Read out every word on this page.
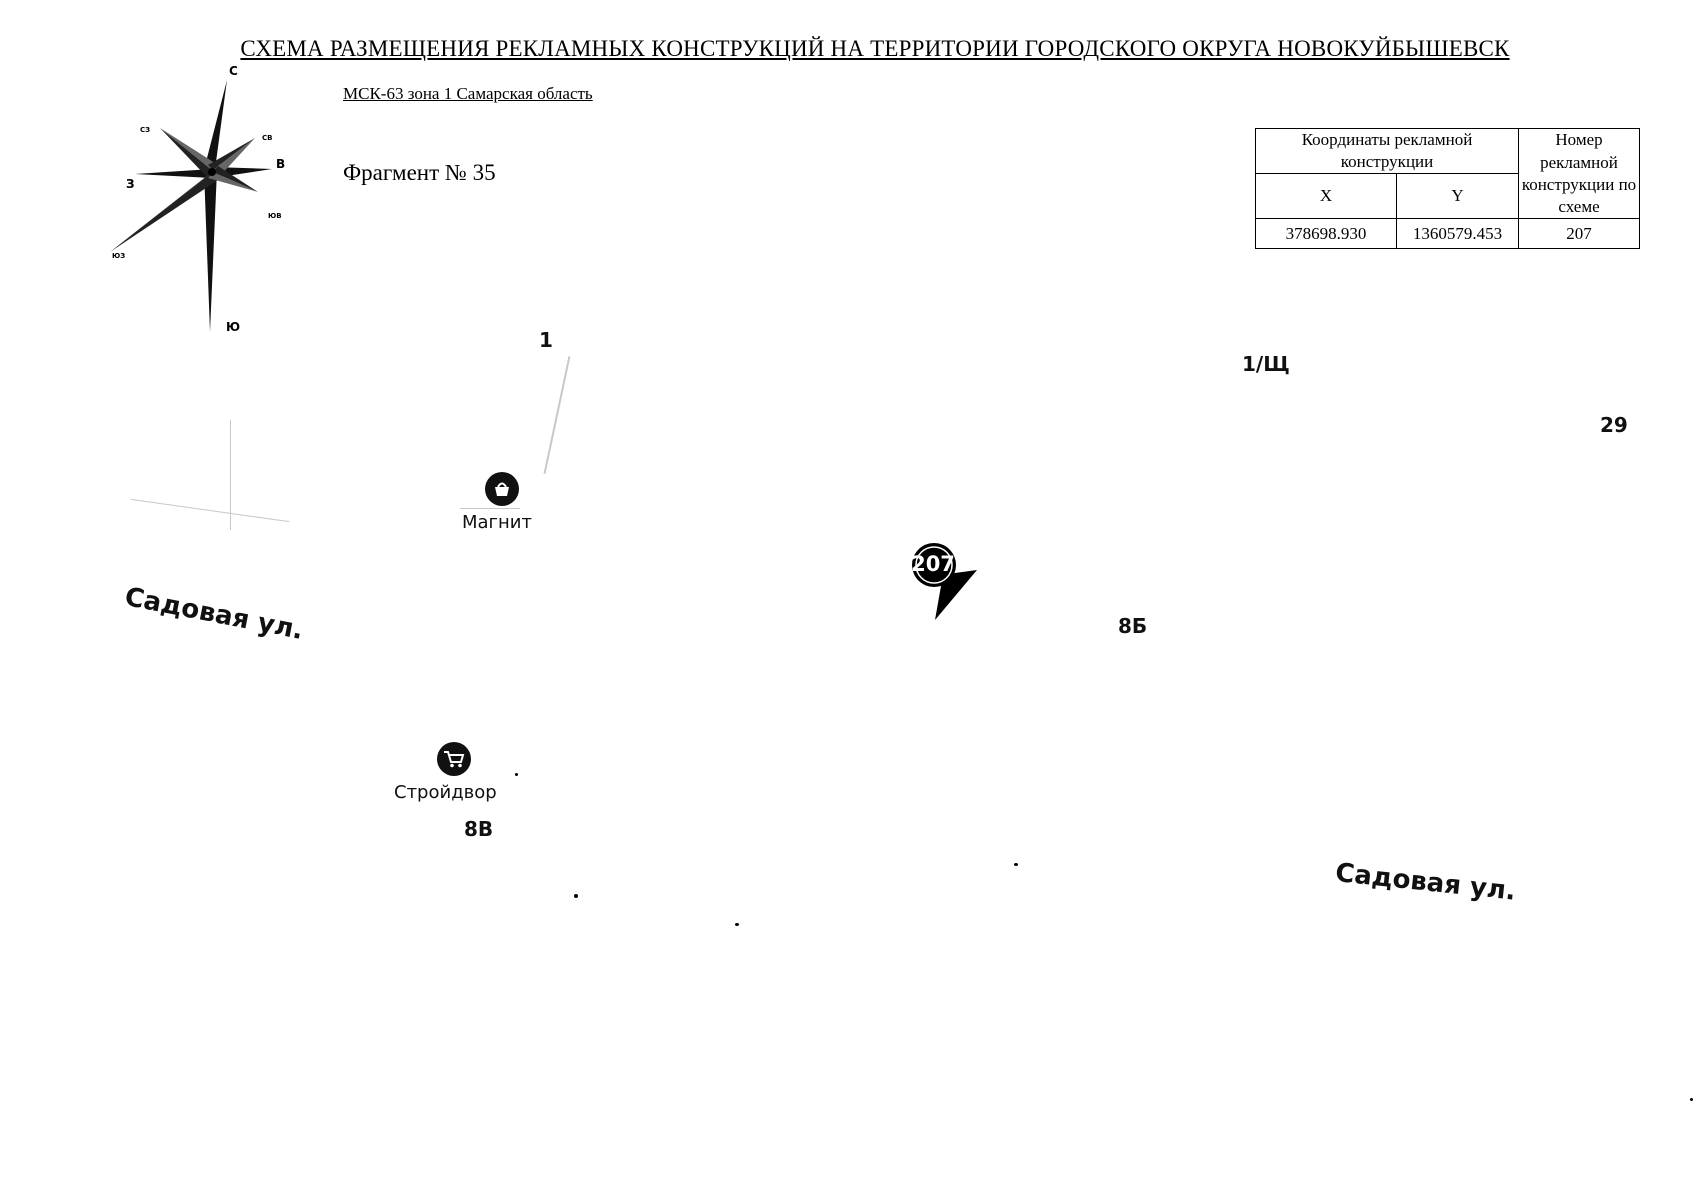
СХЕМА РАЗМЕЩЕНИЯ РЕКЛАМНЫХ КОНСТРУКЦИЙ НА ТЕРРИТОРИИ ГОРОДСКОГО ОКРУГА НОВОКУЙБЫШЕВСК
МСК-63 зона 1 Самарская область
Фрагмент № 35
С
Ю
В
З
СВ
СЗ
ЮВ
ЮЗ
Координаты рекламной конструкции		Номер рекламной конструкции по схеме
X	Y	
378698.930	1360579.453	207
1
1/Щ
29
8Б
8В
Садовая ул.
Садовая ул.
Магнит
Стройдвор
207
